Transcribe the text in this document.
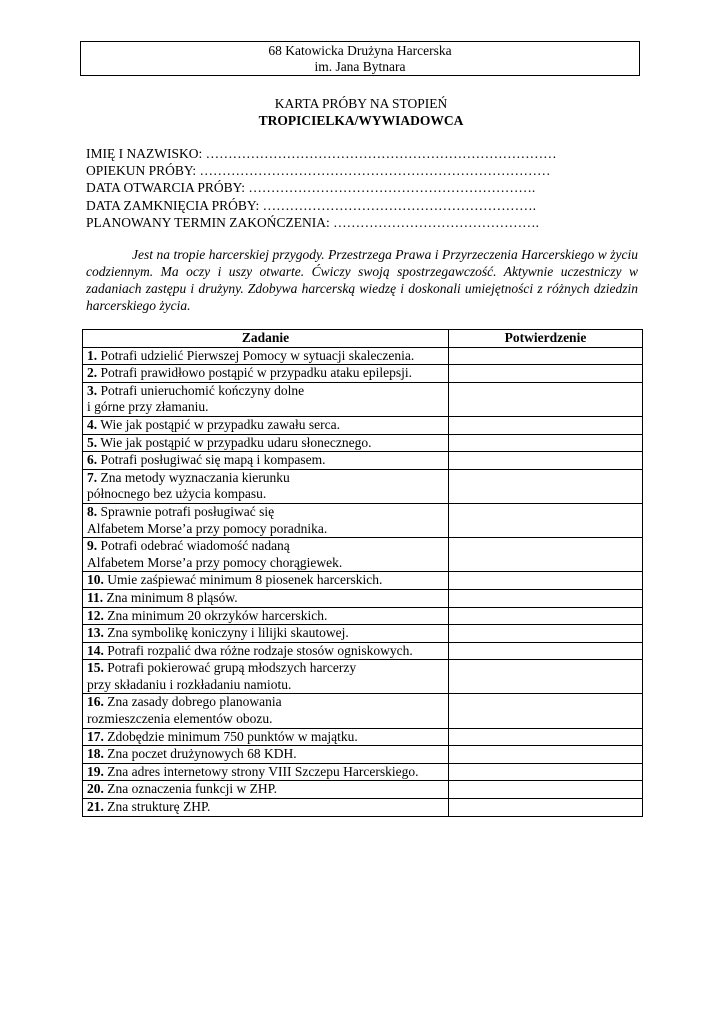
68 Katowicka Drużyna Harcerska
im. Jana Bytnara
KARTA PRÓBY NA STOPIEŃ
TROPICIELKA/WYWIADOWCA
IMIĘ I NAZWISKO: ……………………………………………………………………
OPIEKUN PRÓBY: ……………………………………………………………………
DATA OTWARCIA PRÓBY: ……………………………………………………….
DATA ZAMKNIĘCIA PRÓBY: …………………………………………………….
PLANOWANY TERMIN ZAKOŃCZENIA: ……………………………………….
Jest na tropie harcerskiej przygody. Przestrzega Prawa i Przyrzeczenia Harcerskiego w życiu codziennym. Ma oczy i uszy otwarte. Ćwiczy swoją spostrzegawczość. Aktywnie uczestniczy w zadaniach zastępu i drużyny. Zdobywa harcerską wiedzę i doskonali umiejętności z różnych dziedzin harcerskiego życia.
Zadanie	Potwierdzenie

1. Potrafi udzielić Pierwszej Pomocy w sytuacji skaleczenia.	

2. Potrafi prawidłowo postąpić w przypadku ataku epilepsji.	

3. Potrafi unieruchomić kończyny dolne
i górne przy złamaniu.	

4. Wie jak postąpić w przypadku zawału serca.	

5. Wie jak postąpić w przypadku udaru słonecznego.	

6. Potrafi posługiwać się mapą i kompasem.	

7. Zna metody wyznaczania kierunku
północnego bez użycia kompasu.	

8. Sprawnie potrafi posługiwać się
Alfabetem Morse’a przy pomocy poradnika.	

9. Potrafi odebrać wiadomość nadaną
Alfabetem Morse’a przy pomocy chorągiewek.	

10. Umie zaśpiewać minimum 8 piosenek harcerskich.	

11. Zna minimum 8 pląsów.	

12. Zna minimum 20 okrzyków harcerskich.	

13. Zna symbolikę koniczyny i lilijki skautowej.	

14. Potrafi rozpalić dwa różne rodzaje stosów ogniskowych.	

15. Potrafi pokierować grupą młodszych harcerzy
przy składaniu i rozkładaniu namiotu.	

16. Zna zasady dobrego planowania
rozmieszczenia elementów obozu.	

17. Zdobędzie minimum 750 punktów w majątku.	

18. Zna poczet drużynowych 68 KDH.	

19. Zna adres internetowy strony VIII Szczepu Harcerskiego.	

20. Zna oznaczenia funkcji w ZHP.	

21. Zna strukturę ZHP.	
